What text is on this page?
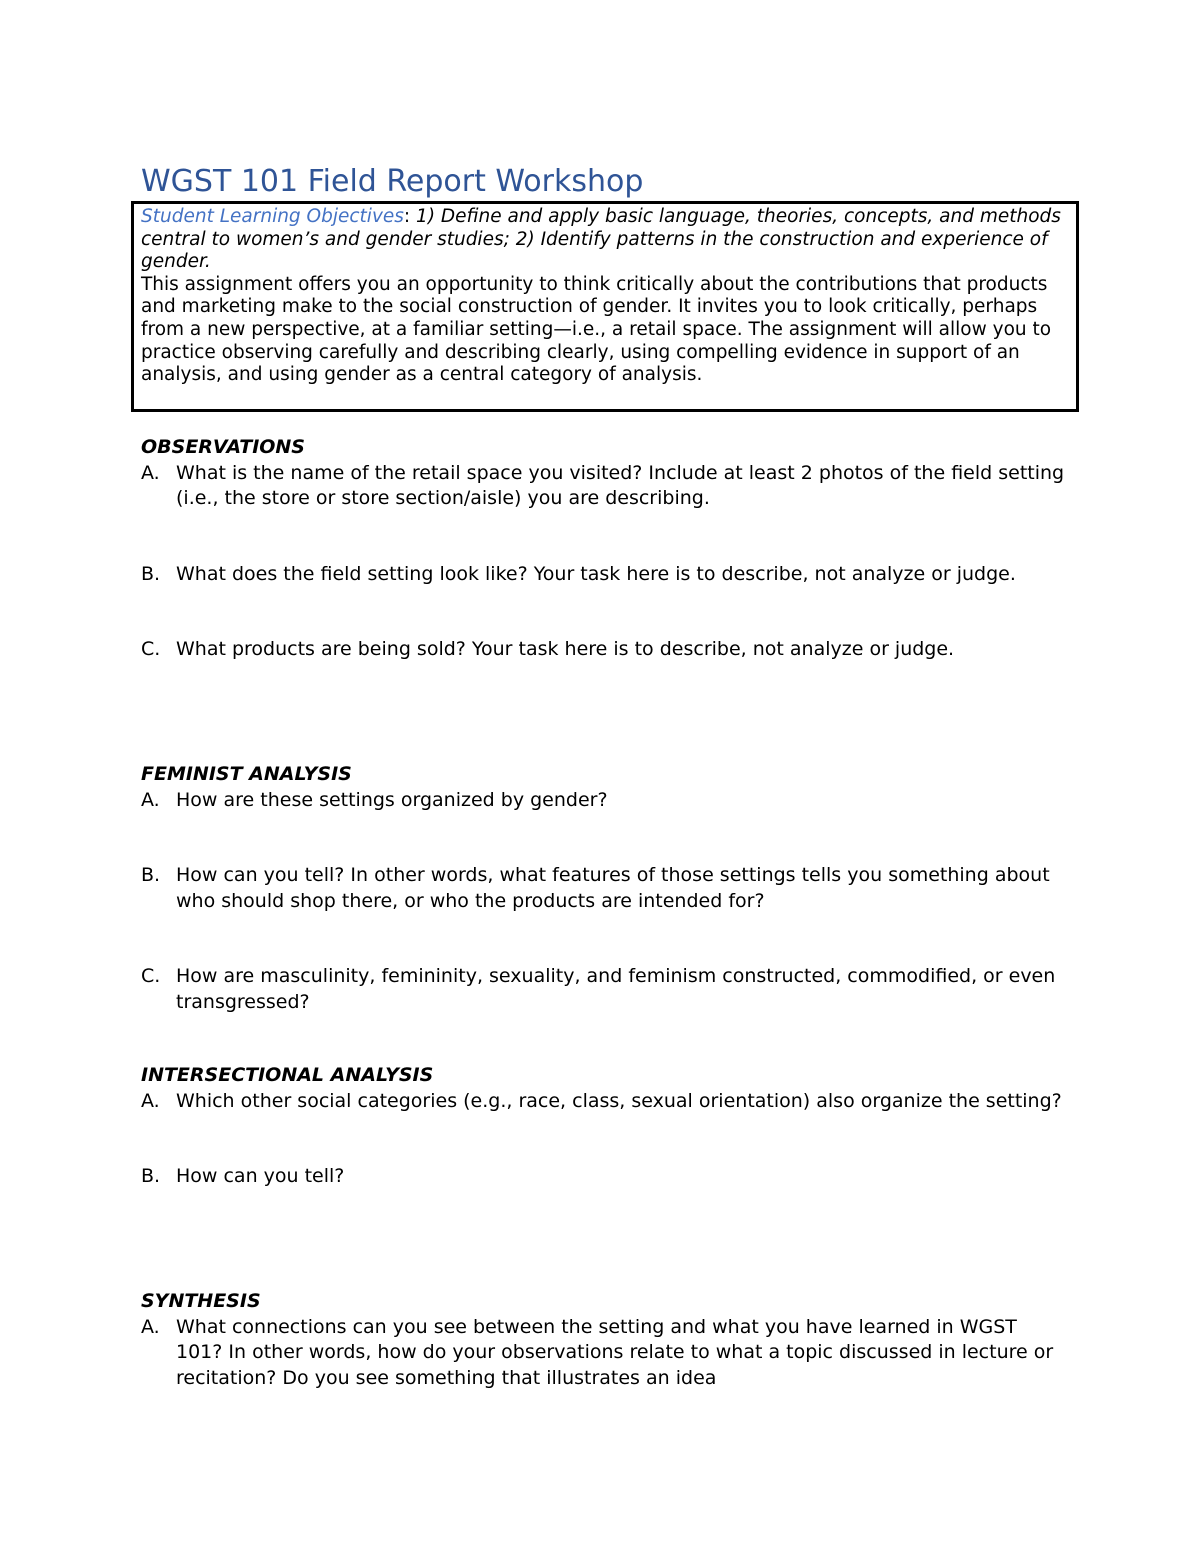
WGST 101 Field Report Workshop
Student Learning Objectives: 1) Define and apply basic language, theories, concepts, and methods central to women’s and gender studies; 2) Identify patterns in the construction and experience of gender.
This assignment offers you an opportunity to think critically about the contributions that products and marketing make to the social construction of gender. It invites you to look critically, perhaps from a new perspective, at a familiar setting—i.e., a retail space. The assignment will allow you to practice observing carefully and describing clearly, using compelling evidence in support of an analysis, and using gender as a central category of analysis.
OBSERVATIONS
A. What is the name of the retail space you visited? Include at least 2 photos of the field setting (i.e., the store or store section/aisle) you are describing.
B. What does the field setting look like? Your task here is to describe, not analyze or judge.
C. What products are being sold? Your task here is to describe, not analyze or judge.
FEMINIST ANALYSIS
A. How are these settings organized by gender?
B. How can you tell? In other words, what features of those settings tells you something about who should shop there, or who the products are intended for?
C. How are masculinity, femininity, sexuality, and feminism constructed, commodified, or even transgressed?
INTERSECTIONAL ANALYSIS
A. Which other social categories (e.g., race, class, sexual orientation) also organize the setting?
B. How can you tell?
SYNTHESIS
A. What connections can you see between the setting and what you have learned in WGST 101? In other words, how do your observations relate to what a topic discussed in lecture or recitation? Do you see something that illustrates an idea
